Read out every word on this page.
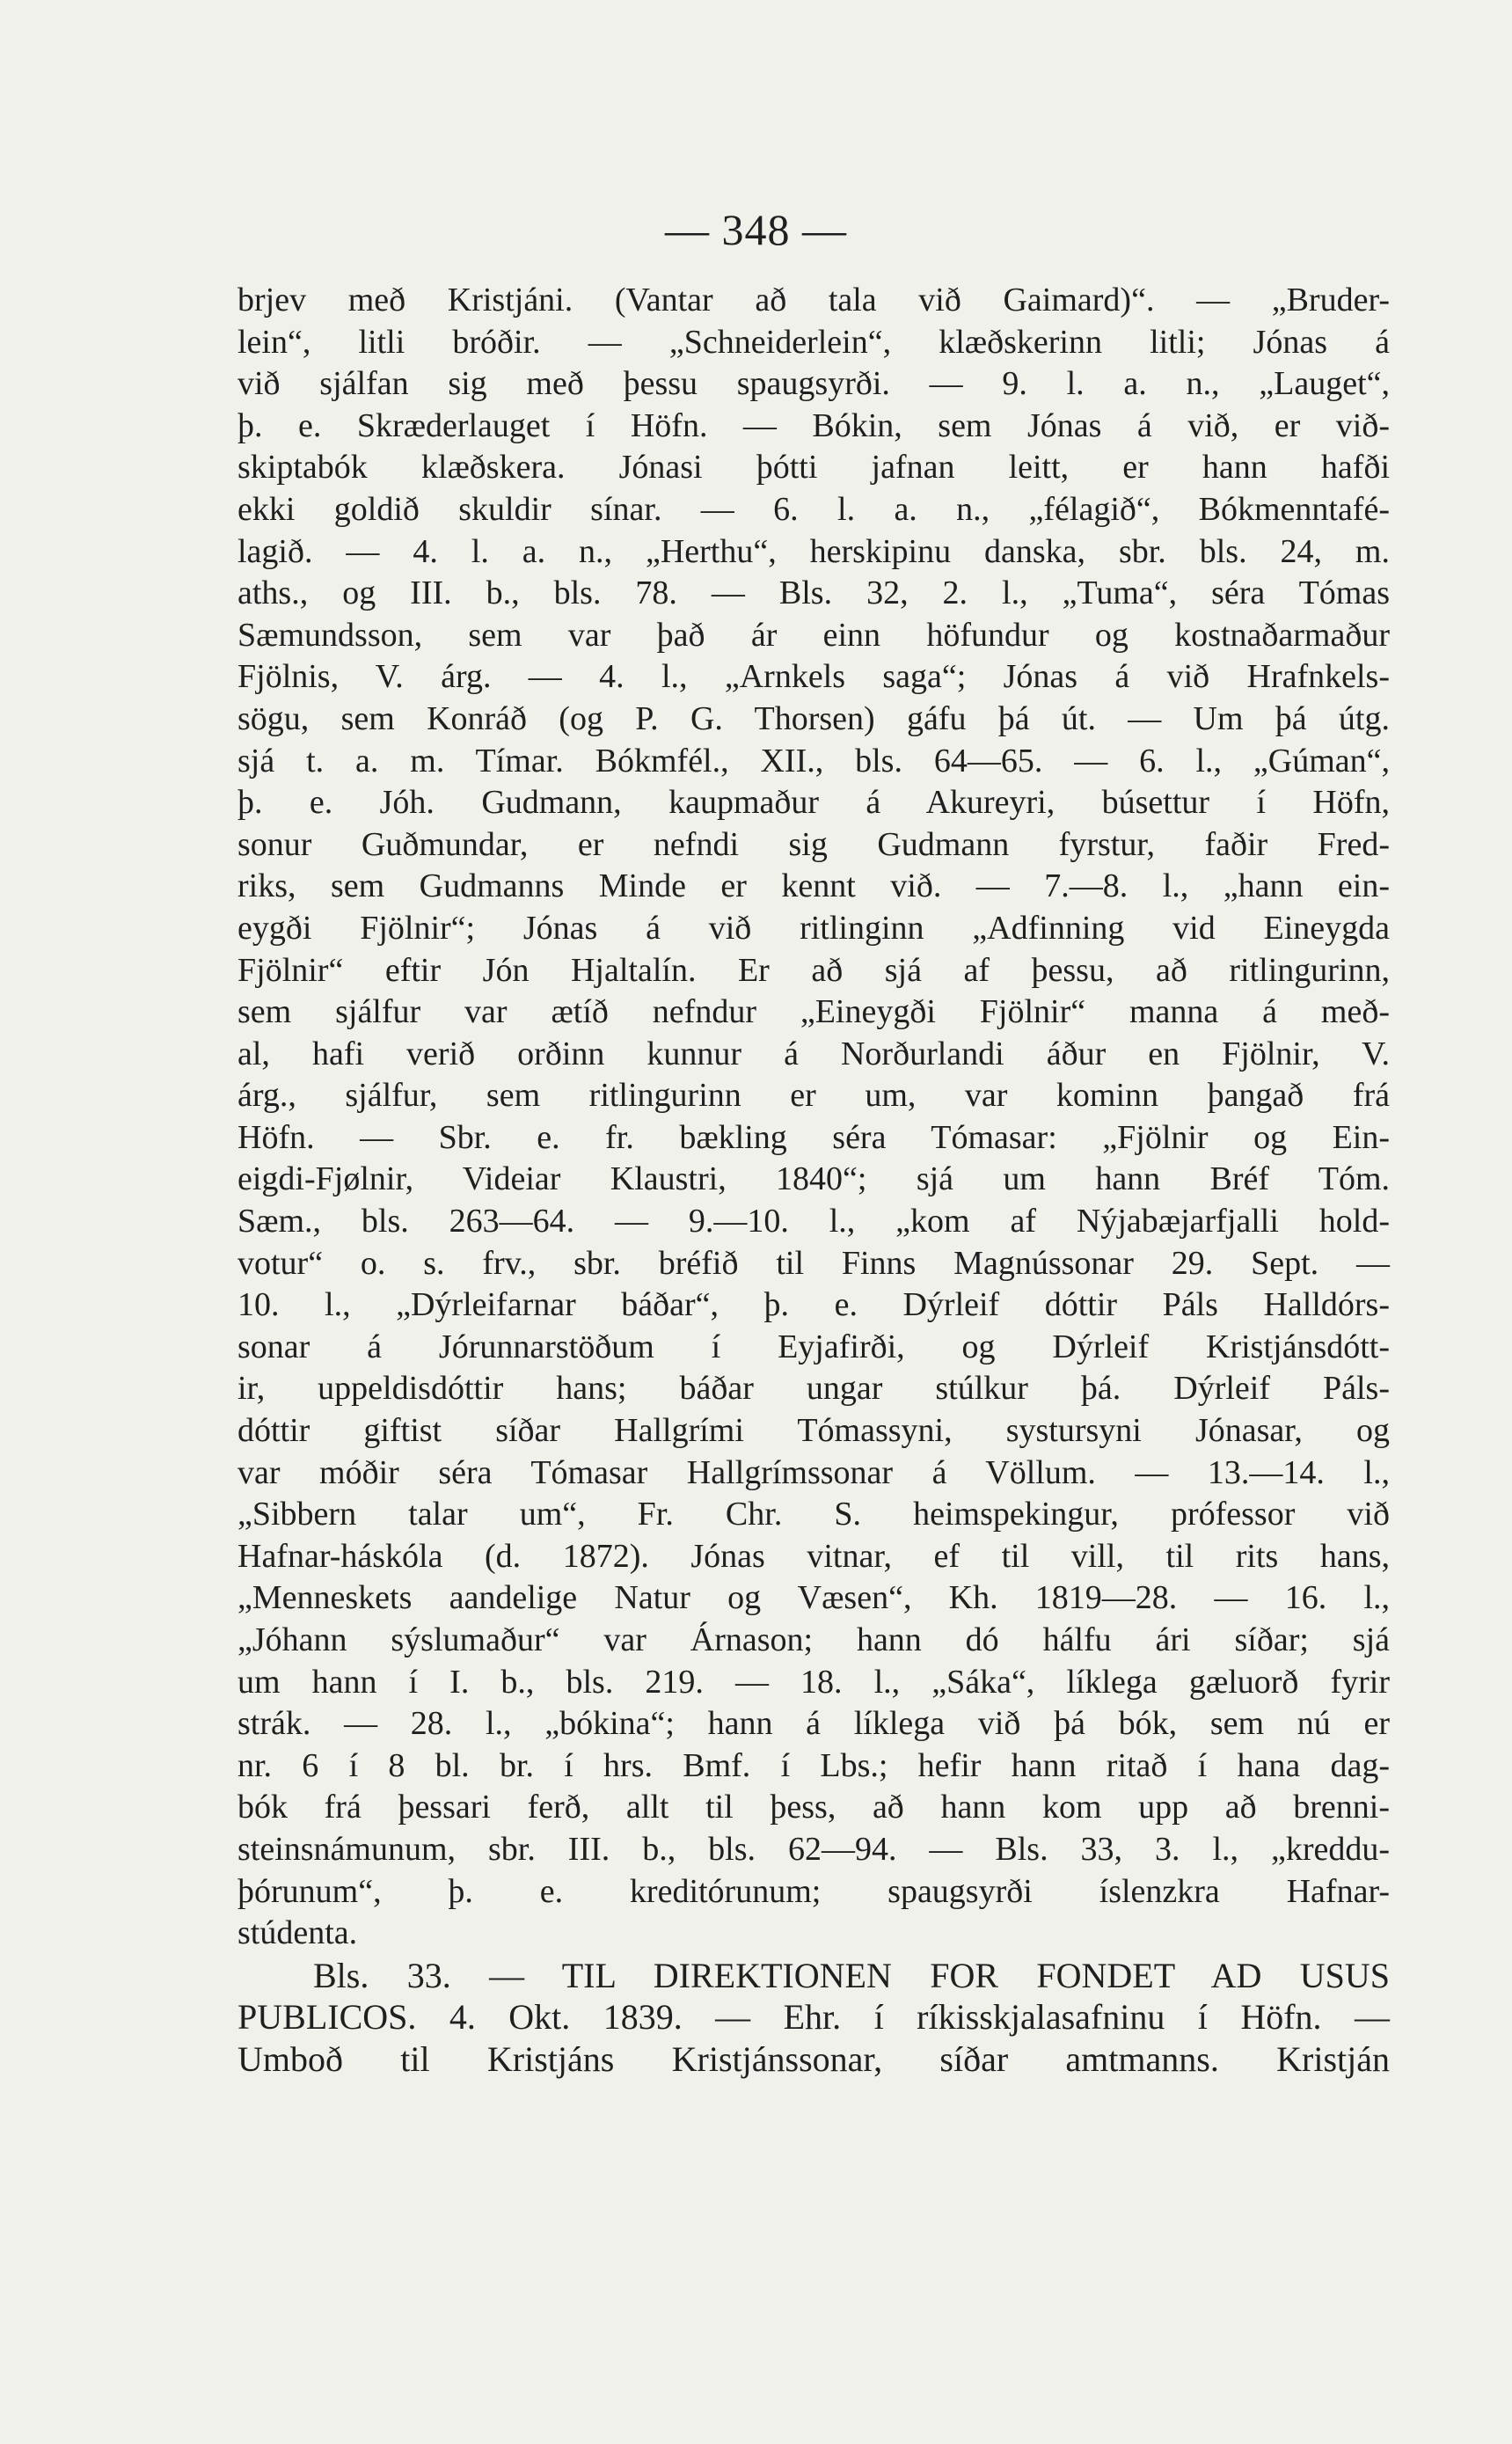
— 348 —
brjev með Kristjáni. (Vantar að tala við Gaimard)“. — „Bruder-
lein“, litli bróðir. — „Schneiderlein“, klæðskerinn litli; Jónas á
við sjálfan sig með þessu spaugsyrði. — 9. l. a. n., „Lauget“,
þ. e. Skræderlauget í Höfn. — Bókin, sem Jónas á við, er við-
skiptabók klæðskera. Jónasi þótti jafnan leitt, er hann hafði
ekki goldið skuldir sínar. — 6. l. a. n., „félagið“, Bókmenntafé-
lagið. — 4. l. a. n., „Herthu“, herskipinu danska, sbr. bls. 24, m.
aths., og III. b., bls. 78. — Bls. 32, 2. l., „Tuma“, séra Tómas
Sæmundsson, sem var það ár einn höfundur og kostnaðarmaður
Fjölnis, V. árg. — 4. l., „Arnkels saga“; Jónas á við Hrafnkels-
sögu, sem Konráð (og P. G. Thorsen) gáfu þá út. — Um þá útg.
sjá t. a. m. Tímar. Bókmfél., XII., bls. 64—65. — 6. l., „Gúman“,
þ. e. Jóh. Gudmann, kaupmaður á Akureyri, búsettur í Höfn,
sonur Guðmundar, er nefndi sig Gudmann fyrstur, faðir Fred-
riks, sem Gudmanns Minde er kennt við. — 7.—8. l., „hann ein-
eygði Fjölnir“; Jónas á við ritlinginn „Adfinning vid Eineygda
Fjölnir“ eftir Jón Hjaltalín. Er að sjá af þessu, að ritlingurinn,
sem sjálfur var ætíð nefndur „Eineygði Fjölnir“ manna á með-
al, hafi verið orðinn kunnur á Norðurlandi áður en Fjölnir, V.
árg., sjálfur, sem ritlingurinn er um, var kominn þangað frá
Höfn. — Sbr. e. fr. bækling séra Tómasar: „Fjölnir og Ein-
eigdi-Fjølnir, Videiar Klaustri, 1840“; sjá um hann Bréf Tóm.
Sæm., bls. 263—64. — 9.—10. l., „kom af Nýjabæjarfjalli hold-
votur“ o. s. frv., sbr. bréfið til Finns Magnússonar 29. Sept. —
10. l., „Dýrleifarnar báðar“, þ. e. Dýrleif dóttir Páls Halldórs-
sonar á Jórunnarstöðum í Eyjafirði, og Dýrleif Kristjánsdótt-
ir, uppeldisdóttir hans; báðar ungar stúlkur þá. Dýrleif Páls-
dóttir giftist síðar Hallgrími Tómassyni, systursyni Jónasar, og
var móðir séra Tómasar Hallgrímssonar á Völlum. — 13.—14. l.,
„Sibbern talar um“, Fr. Chr. S. heimspekingur, prófessor við
Hafnar-háskóla (d. 1872). Jónas vitnar, ef til vill, til rits hans,
„Menneskets aandelige Natur og Væsen“, Kh. 1819—28. — 16. l.,
„Jóhann sýslumaður“ var Árnason; hann dó hálfu ári síðar; sjá
um hann í I. b., bls. 219. — 18. l., „Sáka“, líklega gæluorð fyrir
strák. — 28. l., „bókina“; hann á líklega við þá bók, sem nú er
nr. 6 í 8 bl. br. í hrs. Bmf. í Lbs.; hefir hann ritað í hana dag-
bók frá þessari ferð, allt til þess, að hann kom upp að brenni-
steinsnámunum, sbr. III. b., bls. 62—94. — Bls. 33, 3. l., „kreddu-
þórunum“, þ. e. kreditórunum; spaugsyrði íslenzkra Hafnar-
stúdenta.
Bls. 33. — TIL DIREKTIONEN FOR FONDET AD USUS
PUBLICOS. 4. Okt. 1839. — Ehr. í ríkisskjalasafninu í Höfn. —
Umboð til Kristjáns Kristjánssonar, síðar amtmanns. Kristján
